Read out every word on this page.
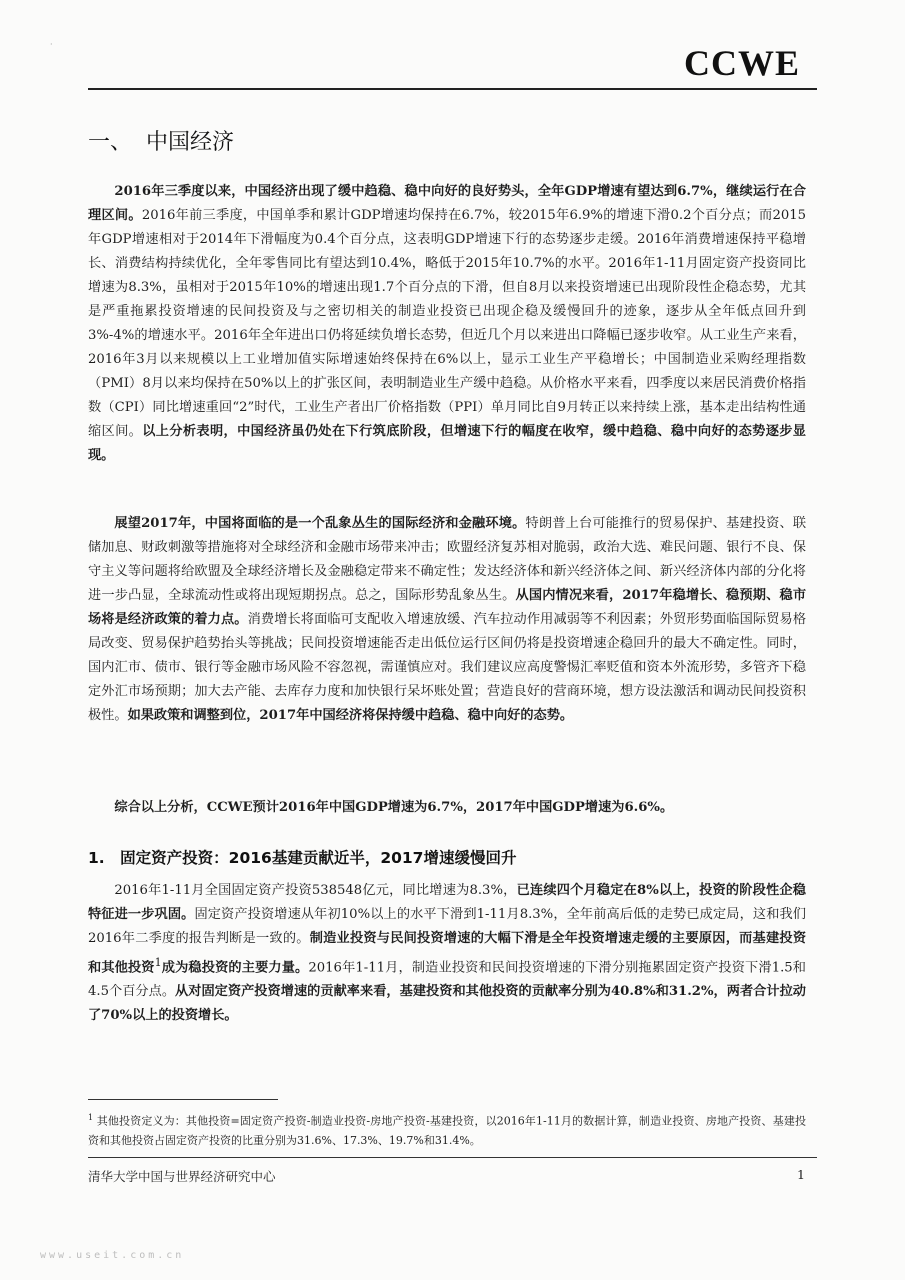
·	CCWE
一、 中国经济

2016年三季度以来，中国经济出现了缓中趋稳、稳中向好的良好势头，全年GDP增速有望达到6.7%，继续运行在合理区间。2016年前三季度，中国单季和累计GDP增速均保持在6.7%，较2015年6.9%的增速下滑0.2个百分点；而2015年GDP增速相对于2014年下滑幅度为0.4个百分点，这表明GDP增速下行的态势逐步走缓。2016年消费增速保持平稳增长、消费结构持续优化，全年零售同比有望达到10.4%，略低于2015年10.7%的水平。2016年1-11月固定资产投资同比增速为8.3%，虽相对于2015年10%的增速出现1.7个百分点的下滑，但自8月以来投资增速已出现阶段性企稳态势，尤其是严重拖累投资增速的民间投资及与之密切相关的制造业投资已出现企稳及缓慢回升的迹象，逐步从全年低点回升到3%-4%的增速水平。2016年全年进出口仍将延续负增长态势，但近几个月以来进出口降幅已逐步收窄。从工业生产来看，2016年3月以来规模以上工业增加值实际增速始终保持在6%以上，显示工业生产平稳增长；中国制造业采购经理指数（PMI）8月以来均保持在50%以上的扩张区间，表明制造业生产缓中趋稳。从价格水平来看，四季度以来居民消费价格指数（CPI）同比增速重回“2”时代，工业生产者出厂价格指数（PPI）单月同比自9月转正以来持续上涨，基本走出结构性通缩区间。以上分析表明，中国经济虽仍处在下行筑底阶段，但增速下行的幅度在收窄，缓中趋稳、稳中向好的态势逐步显现。

展望2017年，中国将面临的是一个乱象丛生的国际经济和金融环境。特朗普上台可能推行的贸易保护、基建投资、联储加息、财政刺激等措施将对全球经济和金融市场带来冲击；欧盟经济复苏相对脆弱，政治大选、难民问题、银行不良、保守主义等问题将给欧盟及全球经济增长及金融稳定带来不确定性；发达经济体和新兴经济体之间、新兴经济体内部的分化将进一步凸显，全球流动性或将出现短期拐点。总之，国际形势乱象丛生。从国内情况来看，2017年稳增长、稳预期、稳市场将是经济政策的着力点。消费增长将面临可支配收入增速放缓、汽车拉动作用减弱等不利因素；外贸形势面临国际贸易格局改变、贸易保护趋势抬头等挑战；民间投资增速能否走出低位运行区间仍将是投资增速企稳回升的最大不确定性。同时，国内汇市、债市、银行等金融市场风险不容忽视，需谨慎应对。我们建议应高度警惕汇率贬值和资本外流形势，多管齐下稳定外汇市场预期；加大去产能、去库存力度和加快银行呆坏账处置；营造良好的营商环境，想方设法激活和调动民间投资积极性。如果政策和调整到位，2017年中国经济将保持缓中趋稳、稳中向好的态势。

综合以上分析，CCWE预计2016年中国GDP增速为6.7%，2017年中国GDP增速为6.6%。

1.　固定资产投资：2016基建贡献近半，2017增速缓慢回升

2016年1-11月全国固定资产投资538548亿元，同比增速为8.3%，已连续四个月稳定在8%以上，投资的阶段性企稳特征进一步巩固。固定资产投资增速从年初10%以上的水平下滑到1-11月8.3%，全年前高后低的走势已成定局，这和我们2016年二季度的报告判断是一致的。制造业投资与民间投资增速的大幅下滑是全年投资增速走缓的主要原因，而基建投资和其他投资$^1$成为稳投资的主要力量。2016年1-11月，制造业投资和民间投资增速的下滑分别拖累固定资产投资下滑1.5和4.5个百分点。从对固定资产投资增速的贡献率来看，基建投资和其他投资的贡献率分别为40.8%和31.2%，两者合计拉动了70%以上的投资增长。

$^1$ 其他投资定义为：其他投资=固定资产投资-制造业投资-房地产投资-基建投资，以2016年1-11月的数据计算，制造业投资、房地产投资、基建投资和其他投资占固定资产投资的比重分别为31.6%、17.3%、19.7%和31.4%。

清华大学中国与世界经济研究中心	1
www.useit.com.cn
